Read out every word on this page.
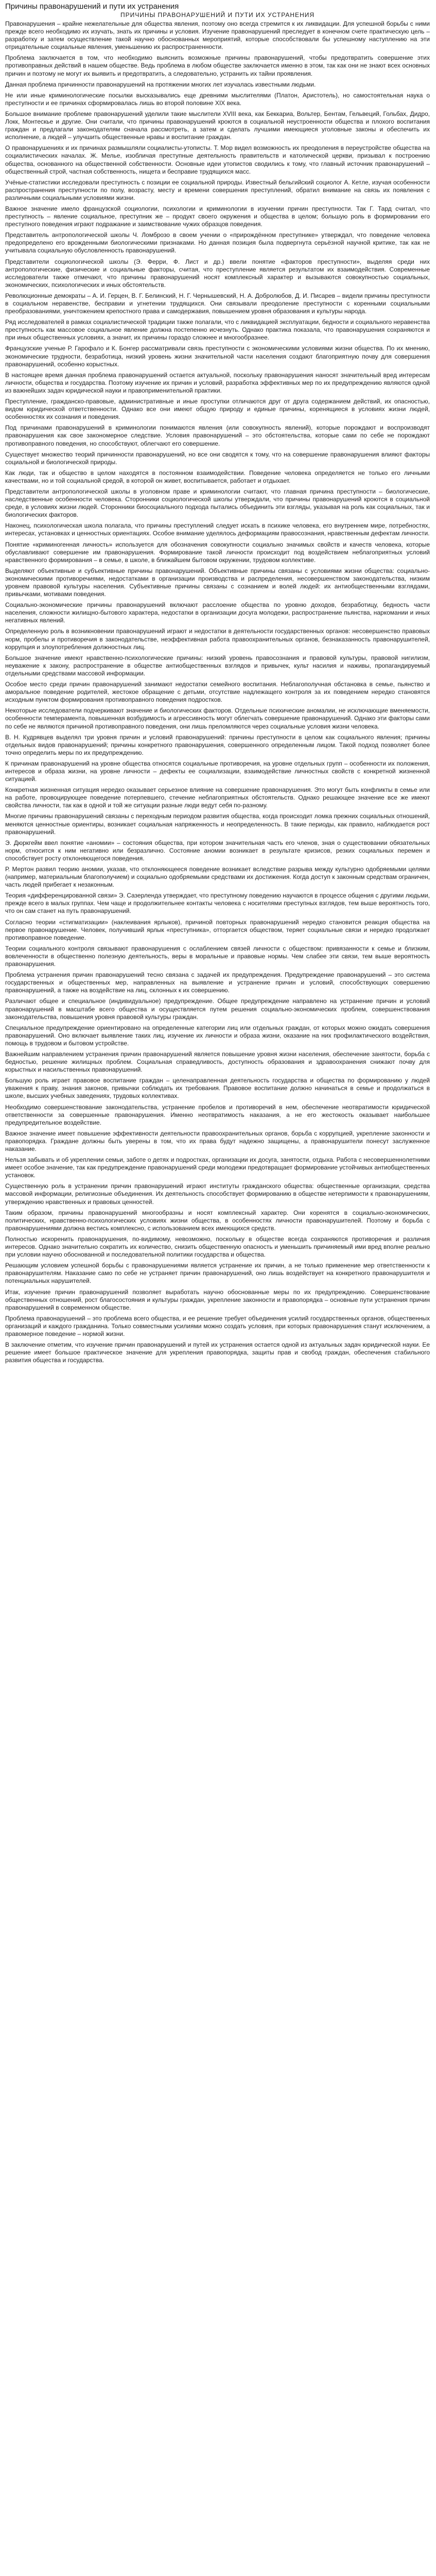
Причины правонарушений и пути их устранения
ПРИЧИНЫ ПРАВОНАРУШЕНИЙ И ПУТИ ИХ УСТРАНЕНИЯ

Правонарушения – крайне нежелательные для общества явления, поэтому оно всегда стремится к их ликвидации. Для успешной борьбы с ними прежде всего необходимо их изучать, знать их причины и условия. Изучение правонарушений преследует в конечном счете практическую цель – разработку и затем осуществление такой научно обоснованных мероприятий, которые способствовали бы успешному наступлению на эти отрицательные социальные явления, уменьшению их распространенности.

Проблема заключается в том, что необходимо выяснить возможные причины правонарушений, чтобы предотвратить совершение этих противоправных действий в нашем обществе. Ведь проблема в любом обществе заключается именно в этом, так как они не знают всех основных причин и поэтому не могут их выявить и предотвратить, а следовательно, устранить их тайни проявления.

Данная проблема причинности правонарушений на протяжении многих лет изучалась известными людьми.

Не или иные криминологические посылки высказывались еще древними мыслителями (Платон, Аристотель), но самостоятельная наука о преступности и ее причинах сформировалась лишь во второй половине XIX века.

Большое внимание проблеме правонарушений уделили такие мыслители XVIII века, как Беккариа, Вольтер, Бентам, Гельвеций, Гольбах, Дидро, Локк, Монтескье и другие. Они считали, что причины правонарушений кроются в социальной неустроенности общества и плохого воспитания граждан и предлагали законодателям сначала рассмотреть, а затем и сделать лучшими имеющиеся уголовные законы и обеспечить их исполнение, а людей – улучшить общественные нравы и воспитание граждан.

О правонарушениях и их причинах размышляли социалисты-утописты. Т. Мор видел возможность их преодоления в переустройстве общества на социалистических началах. Ж. Мелье, изобличая преступные деятельность правительств и католической церкви, призывал к построению общества, основанного на общественной собственности. Основные идеи утопистов сводились к тому, что главный источник правонарушений – общественный строй, частная собственность, нищета и бесправие трудящихся масс.

Учёные-статистики исследовали преступность с позиции ее социальной природы. Известный бельгийский социолог А. Кетле, изучая особенности распространения преступности по полу, возрасту, месту и времени совершения преступлений, обратил внимание на связь их появления с различными социальными условиями жизни.

Важное значение имело французской социологии, психологии и криминологии в изучении причин преступности. Так Г. Тард считал, что преступность – явление социальное, преступник же – продукт своего окружения и общества в целом; большую роль в формировании его преступного поведения играют подражание и заимствование чужих образцов поведения.

Представитель антропологической школы Ч. Ломброзо в своем учении о «прирождённом преступнике» утверждал, что поведение человека предопределено его врожденными биологическими признаками. Но данная позиция была подвергнута серьёзной научной критике, так как не учитывала социальную обусловленность правонарушений.

Представители социологической школы (Э. Ферри, Ф. Лист и др.) ввели понятие «факторов преступности», выделяя среди них антропологические, физические и социальные факторы, считая, что преступление является результатом их взаимодействия. Современные исследователи также отмечают, что причины правонарушений носят комплексный характер и вызываются совокупностью социальных, экономических, психологических и иных обстоятельств.

Революционные демократы – А. И. Герцен, В. Г. Белинский, Н. Г. Чернышевский, Н. А. Добролюбов, Д. И. Писарев – видели причины преступности в социальном неравенстве, бесправии и угнетении трудящихся. Они связывали преодоление преступности с коренными социальными преобразованиями, уничтожением крепостного права и самодержавия, повышением уровня образования и культуры народа.

Ряд исследователей в рамках социалистической традиции также полагали, что с ликвидацией эксплуатации, бедности и социального неравенства преступность как массовое социальное явление должна постепенно исчезнуть. Однако практика показала, что правонарушения сохраняются и при иных общественных условиях, а значит, их причины гораздо сложнее и многообразнее.

Французские ученые Р. Гарофало и К. Бонгер рассматривали связь преступности с экономическими условиями жизни общества. По их мнению, экономические трудности, безработица, низкий уровень жизни значительной части населения создают благоприятную почву для совершения правонарушений, особенно корыстных.

В настоящее время данная проблема правонарушений остается актуальной, поскольку правонарушения наносят значительный вред интересам личности, общества и государства. Поэтому изучение их причин и условий, разработка эффективных мер по их предупреждению являются одной из важнейших задач юридической науки и правоприменительной практики.

Преступление, гражданско-правовые, административные и иные проступки отличаются друг от друга содержанием действий, их опасностью, видом юридической ответственности. Однако все они имеют общую природу и единые причины, коренящиеся в условиях жизни людей, особенностях их сознания и поведения.

Под причинами правонарушений в криминологии понимаются явления (или совокупность явлений), которые порождают и воспроизводят правонарушения как свое закономерное следствие. Условия правонарушений – это обстоятельства, которые сами по себе не порождают противоправного поведения, но способствуют, облегчают его совершение.

Существует множество теорий причинности правонарушений, но все они сводятся к тому, что на совершение правонарушения влияют факторы социальной и биологической природы.

Как люди, так и общество в целом находятся в постоянном взаимодействии. Поведение человека определяется не только его личными качествами, но и той социальной средой, в которой он живет, воспитывается, работает и отдыхает.

Представители антропологической школы в уголовном праве и криминологии считают, что главная причина преступности – биологические, наследственные особенности человека. Сторонники социологической школы утверждали, что причины правонарушений кроются в социальной среде, в условиях жизни людей. Сторонники биосоциального подхода пытались объединить эти взгляды, указывая на роль как социальных, так и биологических факторов.

Наконец, психологическая школа полагала, что причины преступлений следует искать в психике человека, его внутреннем мире, потребностях, интересах, установках и ценностных ориентациях. Особое внимание уделялось деформациям правосознания, нравственным дефектам личности.

Понятие «криминогенная личность» используется для обозначения совокупности социально значимых свойств и качеств человека, которые обуславливают совершение им правонарушения. Формирование такой личности происходит под воздействием неблагоприятных условий нравственного формирования – в семье, в школе, в ближайшем бытовом окружении, трудовом коллективе.

Выделяют объективные и субъективные причины правонарушений. Объективные причины связаны с условиями жизни общества: социально-экономическими противоречиями, недостатками в организации производства и распределения, несовершенством законодательства, низким уровнем правовой культуры населения. Субъективные причины связаны с сознанием и волей людей: их антиобщественными взглядами, привычками, мотивами поведения.

Социально-экономические причины правонарушений включают расслоение общества по уровню доходов, безработицу, бедность части населения, сложности жилищно-бытового характера, недостатки в организации досуга молодежи, распространение пьянства, наркомании и иных негативных явлений.

Определенную роль в возникновении правонарушений играют и недостатки в деятельности государственных органов: несовершенство правовых норм, пробелы и противоречия в законодательстве, неэффективная работа правоохранительных органов, безнаказанность правонарушителей, коррупция и злоупотребления должностных лиц.

Большое значение имеют нравственно-психологические причины: низкий уровень правосознания и правовой культуры, правовой нигилизм, неуважение к закону, распространение в обществе антиобщественных взглядов и привычек, культ насилия и наживы, пропагандируемый отдельными средствами массовой информации.

Особое место среди причин правонарушений занимают недостатки семейного воспитания. Неблагополучная обстановка в семье, пьянство и аморальное поведение родителей, жестокое обращение с детьми, отсутствие надлежащего контроля за их поведением нередко становятся исходным пунктом формирования противоправного поведения подростков.

Некоторые исследователи подчеркивают значение и биологических факторов. Отдельные психические аномалии, не исключающие вменяемости, особенности темперамента, повышенная возбудимость и агрессивность могут облегчать совершение правонарушений. Однако эти факторы сами по себе не являются причиной противоправного поведения, они лишь преломляются через социальные условия жизни человека.

В. Н. Кудрявцев выделял три уровня причин и условий правонарушений: причины преступности в целом как социального явления; причины отдельных видов правонарушений; причины конкретного правонарушения, совершенного определенным лицом. Такой подход позволяет более точно определить меры по их предупреждению.

К причинам правонарушений на уровне общества относятся социальные противоречия, на уровне отдельных групп – особенности их положения, интересов и образа жизни, на уровне личности – дефекты ее социализации, взаимодействие личностных свойств с конкретной жизненной ситуацией.

Конкретная жизненная ситуация нередко оказывает серьезное влияние на совершение правонарушения. Это могут быть конфликты в семье или на работе, провоцирующее поведение потерпевшего, стечение неблагоприятных обстоятельств. Однако решающее значение все же имеют свойства личности, так как в одной и той же ситуации разные люди ведут себя по-разному.

Многие причины правонарушений связаны с переходным периодом развития общества, когда происходит ломка прежних социальных отношений, меняются ценностные ориентиры, возникает социальная напряженность и неопределенность. В такие периоды, как правило, наблюдается рост правонарушений.

Э. Дюркгейм ввел понятие «аномии» – состояния общества, при котором значительная часть его членов, зная о существовании обязательных норм, относится к ним негативно или безразлично. Состояние аномии возникает в результате кризисов, резких социальных перемен и способствует росту отклоняющегося поведения.

Р. Мертон развил теорию аномии, указав, что отклоняющееся поведение возникает вследствие разрыва между культурно одобряемыми целями (например, материальным благополучием) и социально одобряемыми средствами их достижения. Когда доступ к законным средствам ограничен, часть людей прибегает к незаконным.

Теория «дифференцированной связи» Э. Сазерленда утверждает, что преступному поведению научаются в процессе общения с другими людьми, прежде всего в малых группах. Чем чаще и продолжительнее контакты человека с носителями преступных взглядов, тем выше вероятность того, что он сам станет на путь правонарушений.

Согласно теории «стигматизации» (наклеивания ярлыков), причиной повторных правонарушений нередко становится реакция общества на первое правонарушение. Человек, получивший ярлык «преступника», отторгается обществом, теряет социальные связи и нередко продолжает противоправное поведение.

Теории социального контроля связывают правонарушения с ослаблением связей личности с обществом: привязанности к семье и близким, вовлеченности в общественно полезную деятельность, веры в моральные и правовые нормы. Чем слабее эти связи, тем выше вероятность правонарушения.

Проблема устранения причин правонарушений тесно связана с задачей их предупреждения. Предупреждение правонарушений – это система государственных и общественных мер, направленных на выявление и устранение причин и условий, способствующих совершению правонарушений, а также на воздействие на лиц, склонных к их совершению.

Различают общее и специальное (индивидуальное) предупреждение. Общее предупреждение направлено на устранение причин и условий правонарушений в масштабе всего общества и осуществляется путем решения социально-экономических проблем, совершенствования законодательства, повышения уровня правовой культуры граждан.

Специальное предупреждение ориентировано на определенные категории лиц или отдельных граждан, от которых можно ожидать совершения правонарушений. Оно включает выявление таких лиц, изучение их личности и образа жизни, оказание на них профилактического воздействия, помощь в трудовом и бытовом устройстве.

Важнейшим направлением устранения причин правонарушений является повышение уровня жизни населения, обеспечение занятости, борьба с бедностью, решение жилищных проблем. Социальная справедливость, доступность образования и здравоохранения снижают почву для корыстных и насильственных правонарушений.

Большую роль играет правовое воспитание граждан – целенаправленная деятельность государства и общества по формированию у людей уважения к праву, знания законов, привычки соблюдать их требования. Правовое воспитание должно начинаться в семье и продолжаться в школе, высших учебных заведениях, трудовых коллективах.

Необходимо совершенствование законодательства, устранение пробелов и противоречий в нем, обеспечение неотвратимости юридической ответственности за совершенные правонарушения. Именно неотвратимость наказания, а не его жестокость оказывает наибольшее предупредительное воздействие.

Важное значение имеет повышение эффективности деятельности правоохранительных органов, борьба с коррупцией, укрепление законности и правопорядка. Граждане должны быть уверены в том, что их права будут надежно защищены, а правонарушители понесут заслуженное наказание.

Нельзя забывать и об укреплении семьи, заботе о детях и подростках, организации их досуга, занятости, отдыха. Работа с несовершеннолетними имеет особое значение, так как предупреждение правонарушений среди молодежи предотвращает формирование устойчивых антиобщественных установок.

Существенную роль в устранении причин правонарушений играют институты гражданского общества: общественные организации, средства массовой информации, религиозные объединения. Их деятельность способствует формированию в обществе нетерпимости к правонарушениям, утверждению нравственных и правовых ценностей.

Таким образом, причины правонарушений многообразны и носят комплексный характер. Они коренятся в социально-экономических, политических, нравственно-психологических условиях жизни общества, в особенностях личности правонарушителей. Поэтому и борьба с правонарушениями должна вестись комплексно, с использованием всех имеющихся средств.

Полностью искоренить правонарушения, по-видимому, невозможно, поскольку в обществе всегда сохраняются противоречия и различия интересов. Однако значительно сократить их количество, снизить общественную опасность и уменьшить причиняемый ими вред вполне реально при условии научно обоснованной и последовательной политики государства и общества.

Решающим условием успешной борьбы с правонарушениями является устранение их причин, а не только применение мер ответственности к правонарушителям. Наказание само по себе не устраняет причин правонарушений, оно лишь воздействует на конкретного правонарушителя и потенциальных нарушителей.

Итак, изучение причин правонарушений позволяет выработать научно обоснованные меры по их предупреждению. Совершенствование общественных отношений, рост благосостояния и культуры граждан, укрепление законности и правопорядка – основные пути устранения причин правонарушений в современном обществе.

Проблема правонарушений – это проблема всего общества, и ее решение требует объединения усилий государственных органов, общественных организаций и каждого гражданина. Только совместными усилиями можно создать условия, при которых правонарушения станут исключением, а правомерное поведение – нормой жизни.

В заключение отметим, что изучение причин правонарушений и путей их устранения остается одной из актуальных задач юридической науки. Ее решение имеет большое практическое значение для укрепления правопорядка, защиты прав и свобод граждан, обеспечения стабильного развития общества и государства.
